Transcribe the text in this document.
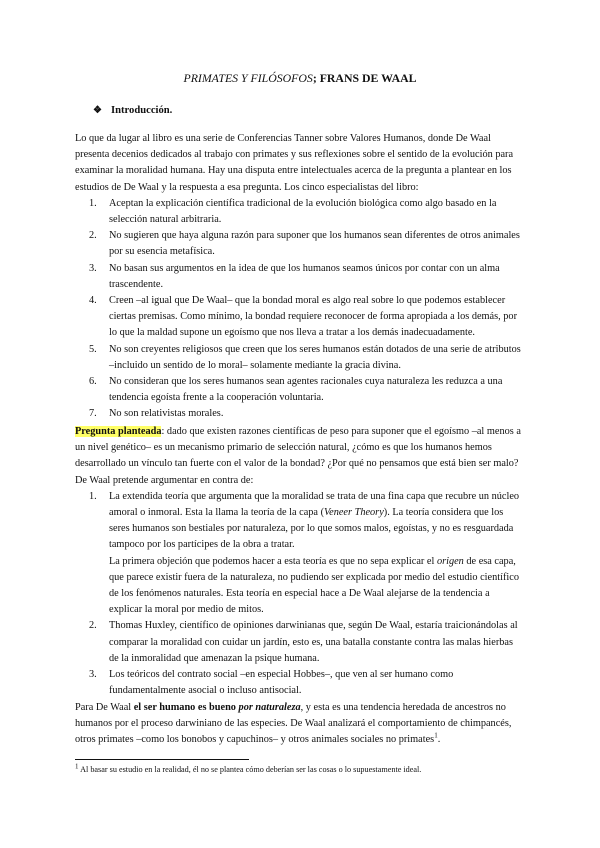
PRIMATES Y FILÓSOFOS; FRANS DE WAAL
❖ Introducción.

Lo que da lugar al libro es una serie de Conferencias Tanner sobre Valores Humanos, donde De Waal presenta decenios dedicados al trabajo con primates y sus reflexiones sobre el sentido de la evolución para examinar la moralidad humana. Hay una disputa entre intelectuales acerca de la pregunta a plantear en los estudios de De Waal y la respuesta a esa pregunta. Los cinco especialistas del libro:

1. Aceptan la explicación científica tradicional de la evolución biológica como algo basado en la selección natural arbitraria.
2. No sugieren que haya alguna razón para suponer que los humanos sean diferentes de otros animales por su esencia metafísica.
3. No basan sus argumentos en la idea de que los humanos seamos únicos por contar con un alma trascendente.
4. Creen –al igual que De Waal– que la bondad moral es algo real sobre lo que podemos establecer ciertas premisas. Como mínimo, la bondad requiere reconocer de forma apropiada a los demás, por lo que la maldad supone un egoísmo que nos lleva a tratar a los demás inadecuadamente.
5. No son creyentes religiosos que creen que los seres humanos están dotados de una serie de atributos –incluido un sentido de lo moral– solamente mediante la gracia divina.
6. No consideran que los seres humanos sean agentes racionales cuya naturaleza les reduzca a una tendencia egoísta frente a la cooperación voluntaria.
7. No son relativistas morales.

Pregunta planteada: dado que existen razones científicas de peso para suponer que el egoísmo –al menos a un nivel genético– es un mecanismo primario de selección natural, ¿cómo es que los humanos hemos desarrollado un vínculo tan fuerte con el valor de la bondad? ¿Por qué no pensamos que está bien ser malo?

De Waal pretende argumentar en contra de:

1. La extendida teoría que argumenta que la moralidad se trata de una fina capa que recubre un núcleo amoral o inmoral. Esta la llama la teoría de la capa (Veneer Theory). La teoría considera que los seres humanos son bestiales por naturaleza, por lo que somos malos, egoístas, y no es resguardada tampoco por los partícipes de la obra a tratar.
La primera objeción que podemos hacer a esta teoría es que no sepa explicar el origen de esa capa, que parece existir fuera de la naturaleza, no pudiendo ser explicada por medio del estudio científico de los fenómenos naturales. Esta teoría en especial hace a De Waal alejarse de la tendencia a explicar la moral por medio de mitos.
2. Thomas Huxley, científico de opiniones darwinianas que, según De Waal, estaría traicionándolas al comparar la moralidad con cuidar un jardín, esto es, una batalla constante contra las malas hierbas de la inmoralidad que amenazan la psique humana.
3. Los teóricos del contrato social –en especial Hobbes–, que ven al ser humano como fundamentalmente asocial o incluso antisocial.

Para De Waal el ser humano es bueno por naturaleza, y esta es una tendencia heredada de ancestros no humanos por el proceso darwiniano de las especies. De Waal analizará el comportamiento de chimpancés, otros primates –como los bonobos y capuchinos– y otros animales sociales no primates$^1$.

$^1$ Al basar su estudio en la realidad, él no se plantea cómo deberían ser las cosas o lo supuestamente ideal.
